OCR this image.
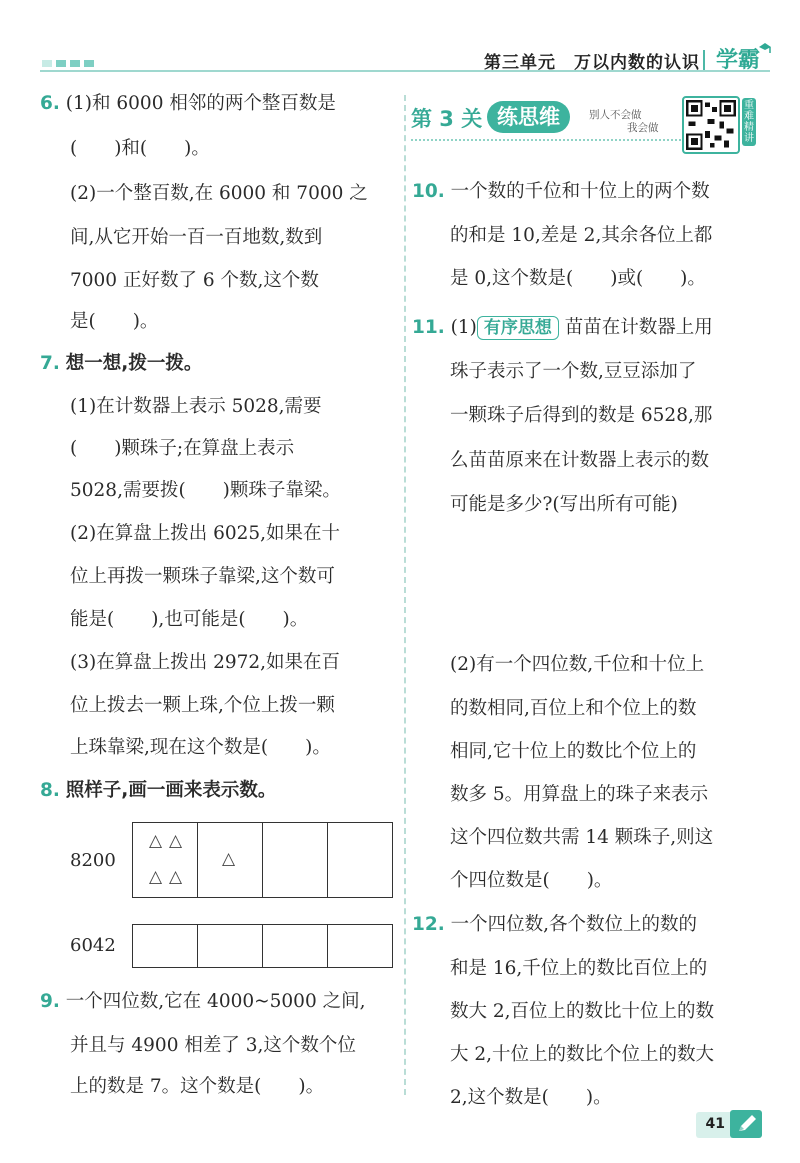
第三单元　万以内数的认识 学霸
6. (1)和 6000 相邻的两个整百数是
(　　)和(　　)。
(2)一个整百数,在 6000 和 7000 之
间,从它开始一百一百地数,数到
7000 正好数了 6 个数,这个数
是(　　)。
7. 想一想,拨一拨。
(1)在计数器上表示 5028,需要
(　　)颗珠子;在算盘上表示
5028,需要拨(　　)颗珠子靠梁。
(2)在算盘上拨出 6025,如果在十
位上再拨一颗珠子靠梁,这个数可
能是(　　),也可能是(　　)。
(3)在算盘上拨出 2972,如果在百
位上拨去一颗上珠,个位上拨一颗
上珠靠梁,现在这个数是(　　)。
8. 照样子,画一画来表示数。
8200
△ △
△ △
△
6042
9. 一个四位数,它在 4000~5000 之间,
并且与 4900 相差了 3,这个数个位
上的数是 7。这个数是(　　)。
第 3 关 练思维	别人不会做
我会做
重难精讲
10. 一个数的千位和十位上的两个数
的和是 10,差是 2,其余各位上都
是 0,这个数是(　　)或(　　)。
11. (1) 有序思想 苗苗在计数器上用
珠子表示了一个数,豆豆添加了
一颗珠子后得到的数是 6528,那
么苗苗原来在计数器上表示的数
可能是多少?(写出所有可能)
(2)有一个四位数,千位和十位上
的数相同,百位上和个位上的数
相同,它十位上的数比个位上的
数多 5。用算盘上的珠子来表示
这个四位数共需 14 颗珠子,则这
个四位数是(　　)。
12. 一个四位数,各个数位上的数的
和是 16,千位上的数比百位上的
数大 2,百位上的数比十位上的数
大 2,十位上的数比个位上的数大
2,这个数是(　　)。
41
